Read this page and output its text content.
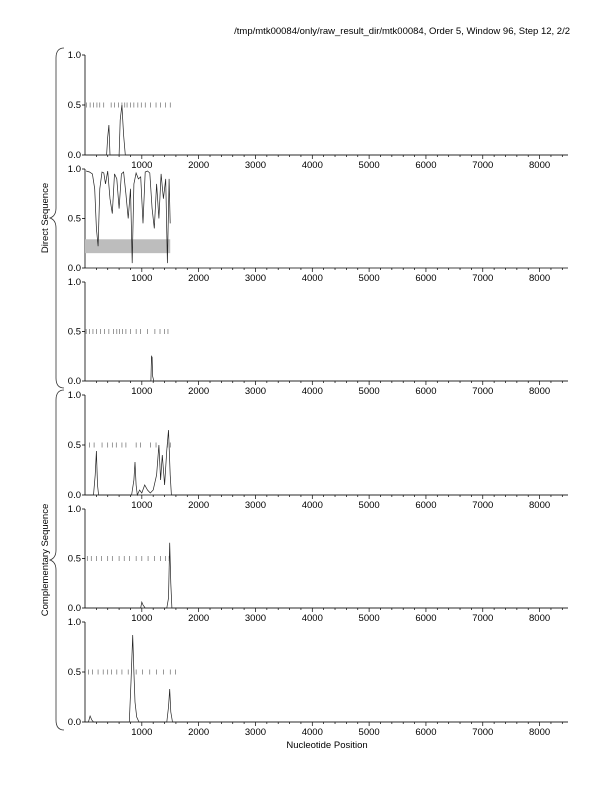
/tmp/mtk00084/only/raw_result_dir/mtk00084, Order 5, Window 96, Step 12, 2/2
Direct Sequence
Complementary Sequence
Nucleotide Position
0.0
0.5
1.0
1000	2000	3000	4000	5000	6000	7000	8000
0.0
0.5
1.0
1000	2000	3000	4000	5000	6000	7000	8000
0.0
0.5
1.0
1000	2000	3000	4000	5000	6000	7000	8000
0.0
0.5
1.0
1000	2000	3000	4000	5000	6000	7000	8000
0.0
0.5
1.0
1000	2000	3000	4000	5000	6000	7000	8000
0.0
0.5
1.0
1000	2000	3000	4000	5000	6000	7000	8000
